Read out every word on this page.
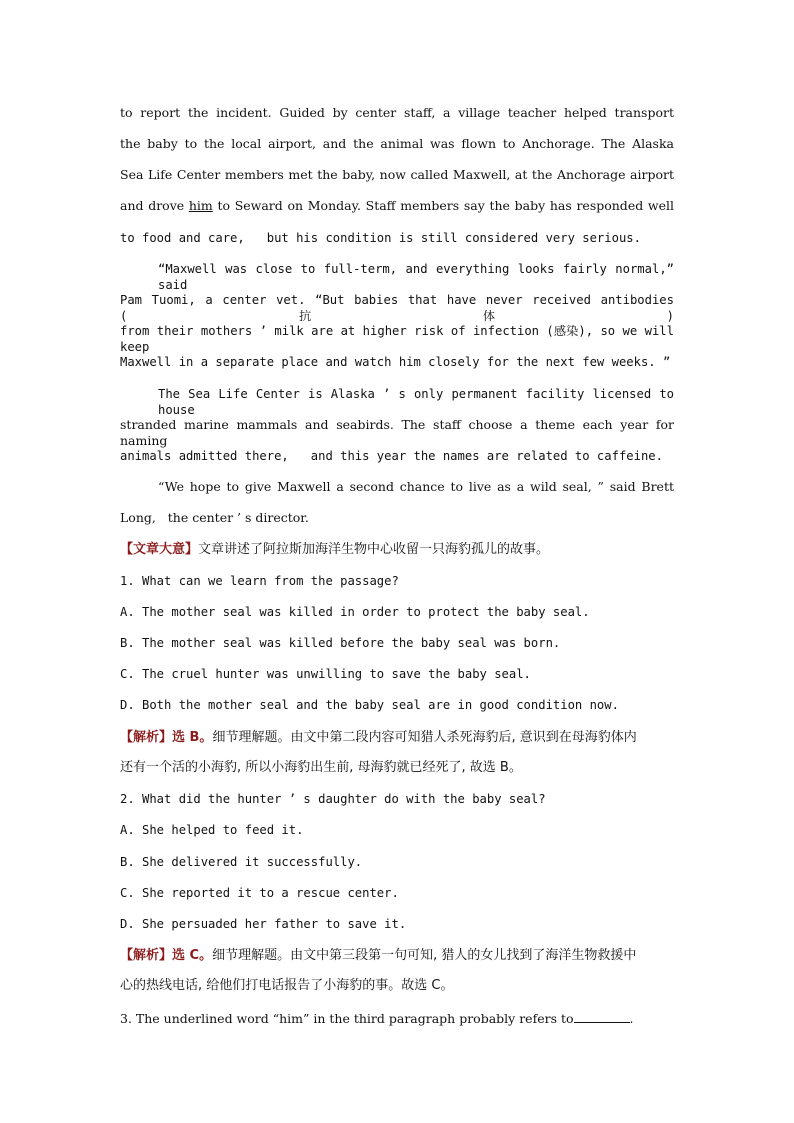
to report the incident. Guided by center staff, a village teacher helped transport
the baby to the local airport, and the animal was flown to Anchorage. The Alaska
Sea Life Center members met the baby, now called Maxwell, at the Anchorage airport
and drove him to Seward on Monday. Staff members say the baby has responded well
to food and care,   but his condition is still considered very serious.
“Maxwell was close to full-term, and everything looks fairly normal,” said
Pam Tuomi, a center vet. “But babies that have never received antibodies (抗体)
from their mothers ’ milk are at higher risk of infection (感染), so we will keep
Maxwell in a separate place and watch him closely for the next few weeks. ”
The Sea Life Center is Alaska ’ s only permanent facility licensed to house
stranded marine mammals and seabirds. The staff choose a theme each year for naming
animals admitted there,   and this year the names are related to caffeine.
“We hope to give Maxwell a second chance to live as a wild seal, ” said Brett
Long,   the center ’ s director.
【文章大意】文章讲述了阿拉斯加海洋生物中心收留一只海豹孤儿的故事。
1. What can we learn from the passage?
A. The mother seal was killed in order to protect the baby seal.
B. The mother seal was killed before the baby seal was born.
C. The cruel hunter was unwilling to save the baby seal.
D. Both the mother seal and the baby seal are in good condition now.
【解析】选 B。细节理解题。由文中第二段内容可知猎人杀死海豹后, 意识到在母海豹体内
还有一个活的小海豹, 所以小海豹出生前, 母海豹就已经死了, 故选 B。
2. What did the hunter ’ s daughter do with the baby seal?
A. She helped to feed it.
B. She delivered it successfully.
C. She reported it to a rescue center.
D. She persuaded her father to save it.
【解析】选 C。细节理解题。由文中第三段第一句可知, 猎人的女儿找到了海洋生物救援中
心的热线电话, 给他们打电话报告了小海豹的事。故选 C。
3. The underlined word “him” in the third paragraph probably refers to	.
